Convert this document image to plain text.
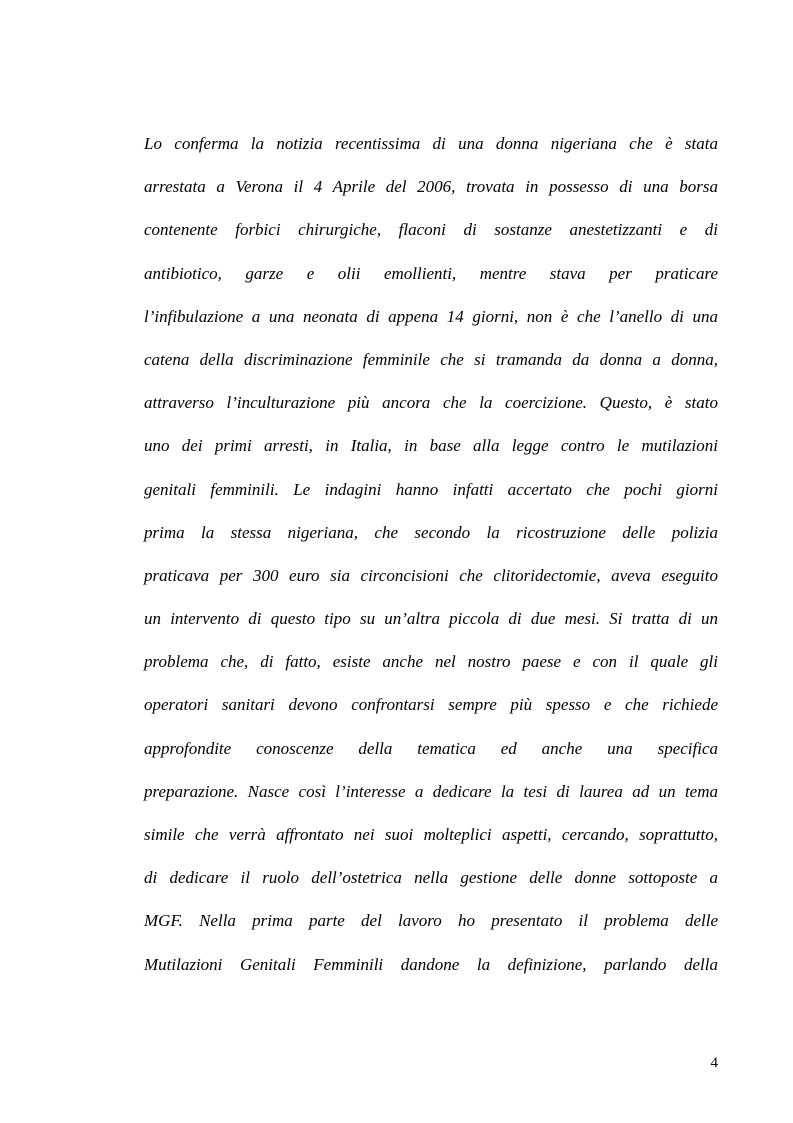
Lo conferma la notizia recentissima di una donna nigeriana che è stata
arrestata a Verona il 4 Aprile del 2006, trovata in possesso di una borsa
contenente forbici chirurgiche, flaconi di sostanze anestetizzanti e di
antibiotico, garze e olii emollienti, mentre stava per praticare
l’infibulazione a una neonata di appena 14 giorni, non è che l’anello di una
catena della discriminazione femminile che si tramanda da donna a donna,
attraverso l’inculturazione più ancora che la coercizione. Questo, è stato
uno dei primi arresti, in Italia, in base alla legge contro le mutilazioni
genitali femminili. Le indagini hanno infatti accertato che pochi giorni
prima la stessa nigeriana, che secondo la ricostruzione delle polizia
praticava per 300 euro sia circoncisioni che clitoridectomie, aveva eseguito
un intervento di questo tipo su un’altra piccola di due mesi. Si tratta di un
problema che, di fatto, esiste anche nel nostro paese e con il quale gli
operatori sanitari devono confrontarsi sempre più spesso e che richiede
approfondite conoscenze della tematica ed anche una specifica
preparazione. Nasce così l’interesse a dedicare la tesi di laurea ad un tema
simile che verrà affrontato nei suoi molteplici aspetti, cercando, soprattutto,
di dedicare il ruolo dell’ostetrica nella gestione delle donne sottoposte a
MGF. Nella prima parte del lavoro ho presentato il problema delle
Mutilazioni Genitali Femminili dandone la definizione, parlando della
4
